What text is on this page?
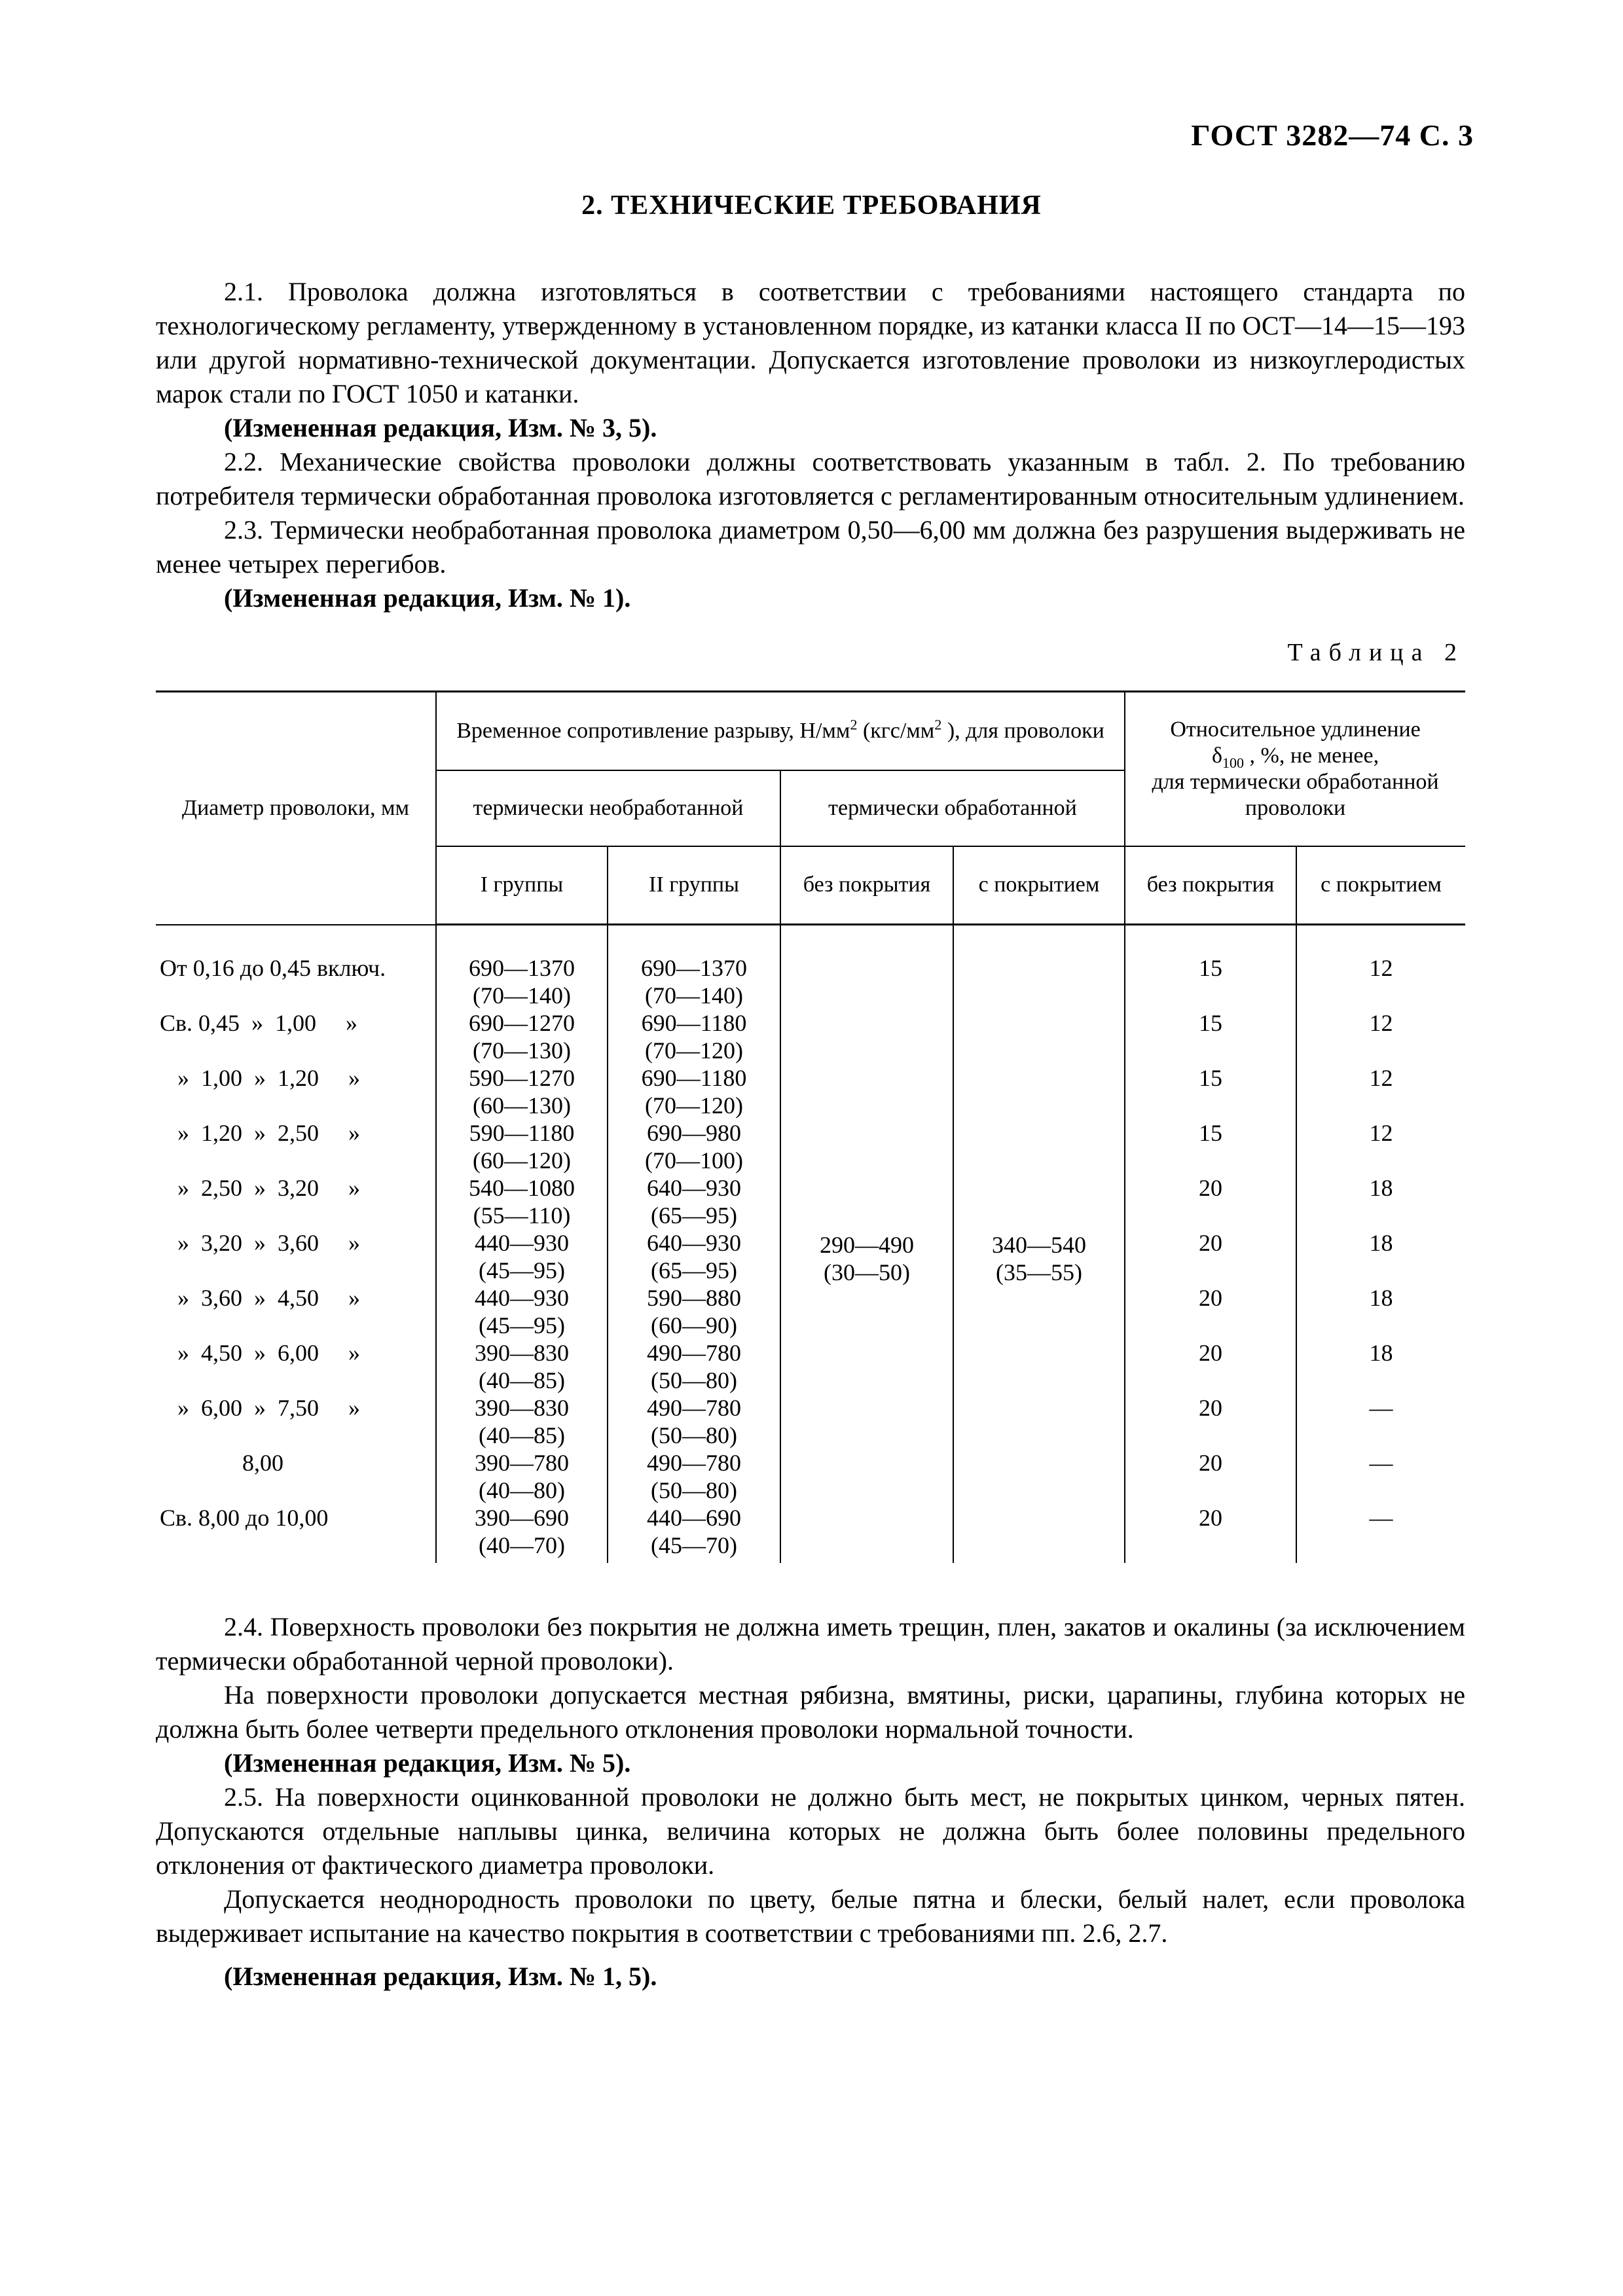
ГОСТ 3282—74 С. 3
2. ТЕХНИЧЕСКИЕ ТРЕБОВАНИЯ

2.1. Проволока должна изготовляться в соответствии с требованиями настоящего стандарта по технологическому регламенту, утвержденному в установленном порядке, из катанки класса II по ОСТ—14—15—193 или другой нормативно-технической документации. Допускается изготовление проволоки из низкоуглеродистых марок стали по ГОСТ 1050 и катанки.

(Измененная редакция, Изм. № 3, 5).

2.2. Механические свойства проволоки должны соответствовать указанным в табл. 2. По требованию потребителя термически обработанная проволока изготовляется с регламентированным относительным удлинением.

2.3. Термически необработанная проволока диаметром 0,50—6,00 мм должна без разрушения выдерживать не менее четырех перегибов.

(Измененная редакция, Изм. № 1).

Таблица 2
Диаметр проволоки, мм	Временное сопротивление разрыву, $Н/мм^2$ ($кгс/мм^2$ ), для проволоки				Относительное удлинение
$\delta_{100}$ , %, не менее,
для термически обработанной проволоки	
	термически необработанной		термически обработанной			
	I группы	II группы	без покрытия	с покрытием	без покрытия	с покрытием
От 0,16 до 0,45 включ.	690—1370
(70—140)	690—1370
(70—140)	290—490
(30—50)	340—540
(35—55)	15	12
Св. 0,45  »  1,00     »	690—1270
(70—130)	690—1180
(70—120)			15	12
»  1,00  »  1,20     »	590—1270
(60—130)	690—1180
(70—120)			15	12
»  1,20  »  2,50     »	590—1180
(60—120)	690—980
(70—100)			15	12
»  2,50  »  3,20     »	540—1080
(55—110)	640—930
(65—95)			20	18
»  3,20  »  3,60     »	440—930
(45—95)	640—930
(65—95)			20	18
»  3,60  »  4,50     »	440—930
(45—95)	590—880
(60—90)			20	18
»  4,50  »  6,00     »	390—830
(40—85)	490—780
(50—80)			20	18
»  6,00  »  7,50     »	390—830
(40—85)	490—780
(50—80)			20	—
8,00	390—780
(40—80)	490—780
(50—80)			20	—
Св. 8,00 до 10,00	390—690
(40—70)	440—690
(45—70)			20	—

2.4. Поверхность проволоки без покрытия не должна иметь трещин, плен, закатов и окалины (за исключением термически обработанной черной проволоки).

На поверхности проволоки допускается местная рябизна, вмятины, риски, царапины, глубина которых не должна быть более четверти предельного отклонения проволоки нормальной точности.

(Измененная редакция, Изм. № 5).

2.5. На поверхности оцинкованной проволоки не должно быть мест, не покрытых цинком, черных пятен. Допускаются отдельные наплывы цинка, величина которых не должна быть более половины предельного отклонения от фактического диаметра проволоки.

Допускается неоднородность проволоки по цвету, белые пятна и блески, белый налет, если проволока выдерживает испытание на качество покрытия в соответствии с требованиями пп. 2.6, 2.7.

(Измененная редакция, Изм. № 1, 5).
